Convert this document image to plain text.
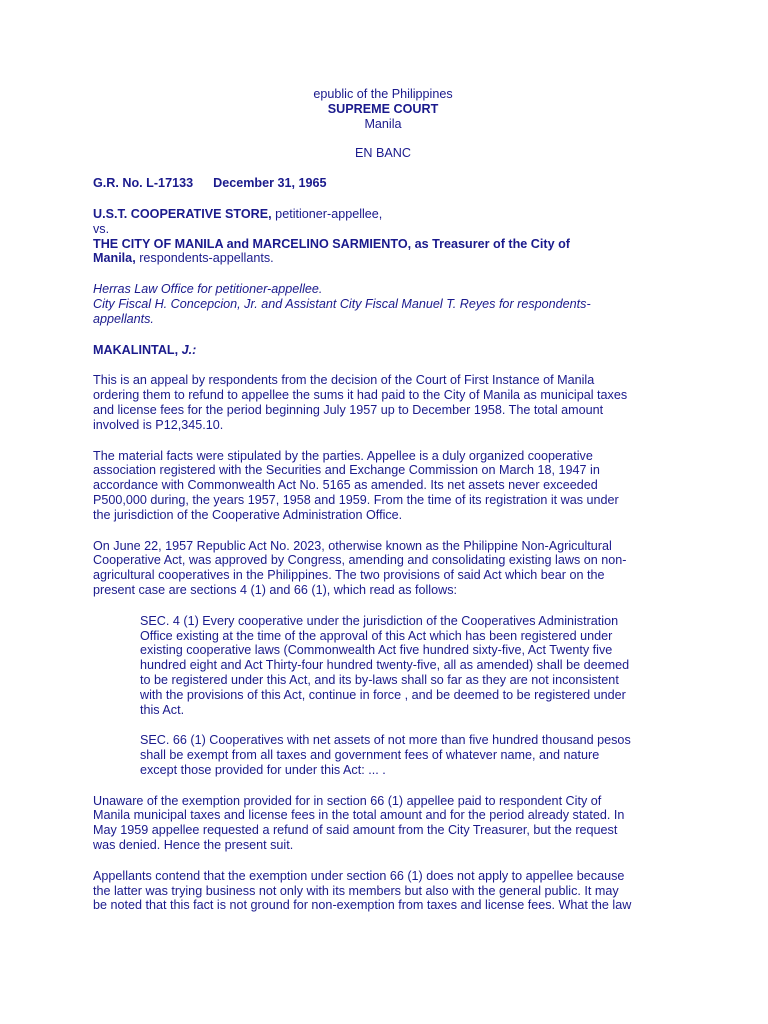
epublic of the Philippines
SUPREME COURT
Manila
EN BANC

G.R. No. L-17133 December 31, 1965

U.S.T. COOPERATIVE STORE, petitioner-appellee,
vs.
THE CITY OF MANILA and MARCELINO SARMIENTO, as Treasurer of the City of
Manila, respondents-appellants.

Herras Law Office for petitioner-appellee.
City Fiscal H. Concepcion, Jr. and Assistant City Fiscal Manuel T. Reyes for respondents-
appellants.

MAKALINTAL, J.:

This is an appeal by respondents from the decision of the Court of First Instance of Manila
ordering them to refund to appellee the sums it had paid to the City of Manila as municipal taxes
and license fees for the period beginning July 1957 up to December 1958. The total amount
involved is P12,345.10.

The material facts were stipulated by the parties. Appellee is a duly organized cooperative
association registered with the Securities and Exchange Commission on March 18, 1947 in
accordance with Commonwealth Act No. 5165 as amended. Its net assets never exceeded
P500,000 during, the years 1957, 1958 and 1959. From the time of its registration it was under
the jurisdiction of the Cooperative Administration Office.

On June 22, 1957 Republic Act No. 2023, otherwise known as the Philippine Non-Agricultural
Cooperative Act, was approved by Congress, amending and consolidating existing laws on non-
agricultural cooperatives in the Philippines. The two provisions of said Act which bear on the
present case are sections 4 (1) and 66 (1), which read as follows:

SEC. 4 (1) Every cooperative under the jurisdiction of the Cooperatives Administration
Office existing at the time of the approval of this Act which has been registered under
existing cooperative laws (Commonwealth Act five hundred sixty-five, Act Twenty five
hundred eight and Act Thirty-four hundred twenty-five, all as amended) shall be deemed
to be registered under this Act, and its by-laws shall so far as they are not inconsistent
with the provisions of this Act, continue in force , and be deemed to be registered under
this Act.

SEC. 66 (1) Cooperatives with net assets of not more than five hundred thousand pesos
shall be exempt from all taxes and government fees of whatever name, and nature
except those provided for under this Act: ... .

Unaware of the exemption provided for in section 66 (1) appellee paid to respondent City of
Manila municipal taxes and license fees in the total amount and for the period already stated. In
May 1959 appellee requested a refund of said amount from the City Treasurer, but the request
was denied. Hence the present suit.

Appellants contend that the exemption under section 66 (1) does not apply to appellee because
the latter was trying business not only with its members but also with the general public. It may
be noted that this fact is not ground for non-exemption from taxes and license fees. What the law
